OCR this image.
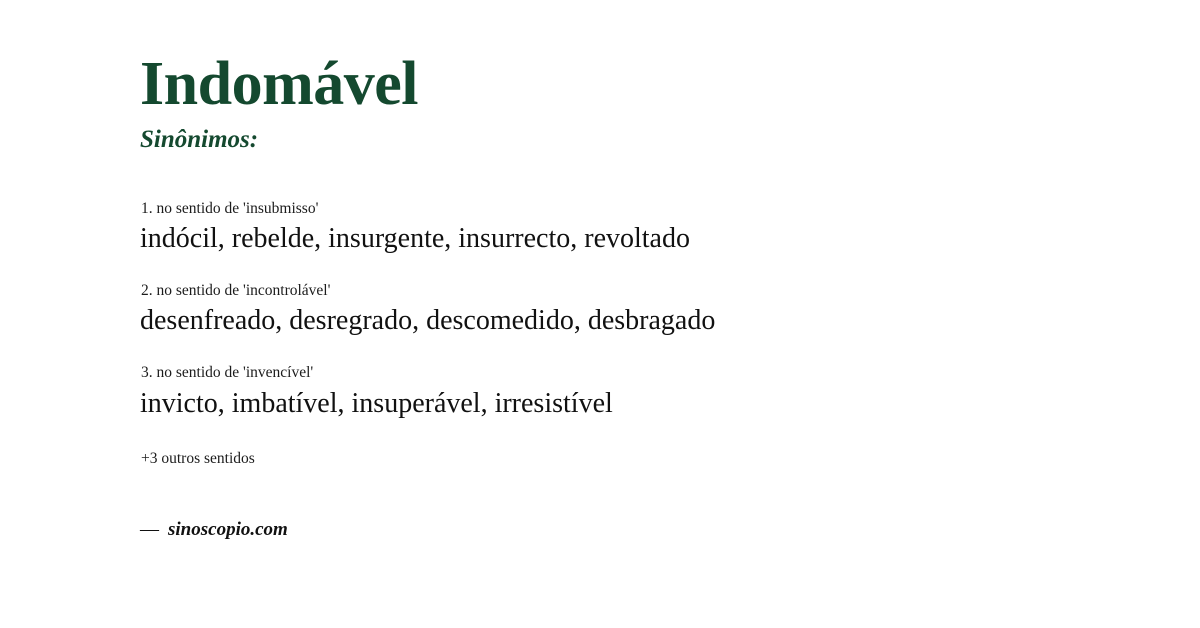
Indomável
Sinônimos:
1. no sentido de 'insubmisso'
indócil, rebelde, insurgente, insurrecto, revoltado
2. no sentido de 'incontrolável'
desenfreado, desregrado, descomedido, desbragado
3. no sentido de 'invencível'
invicto, imbatível, insuperável, irresistível
+3 outros sentidos
— sinoscopio.com
